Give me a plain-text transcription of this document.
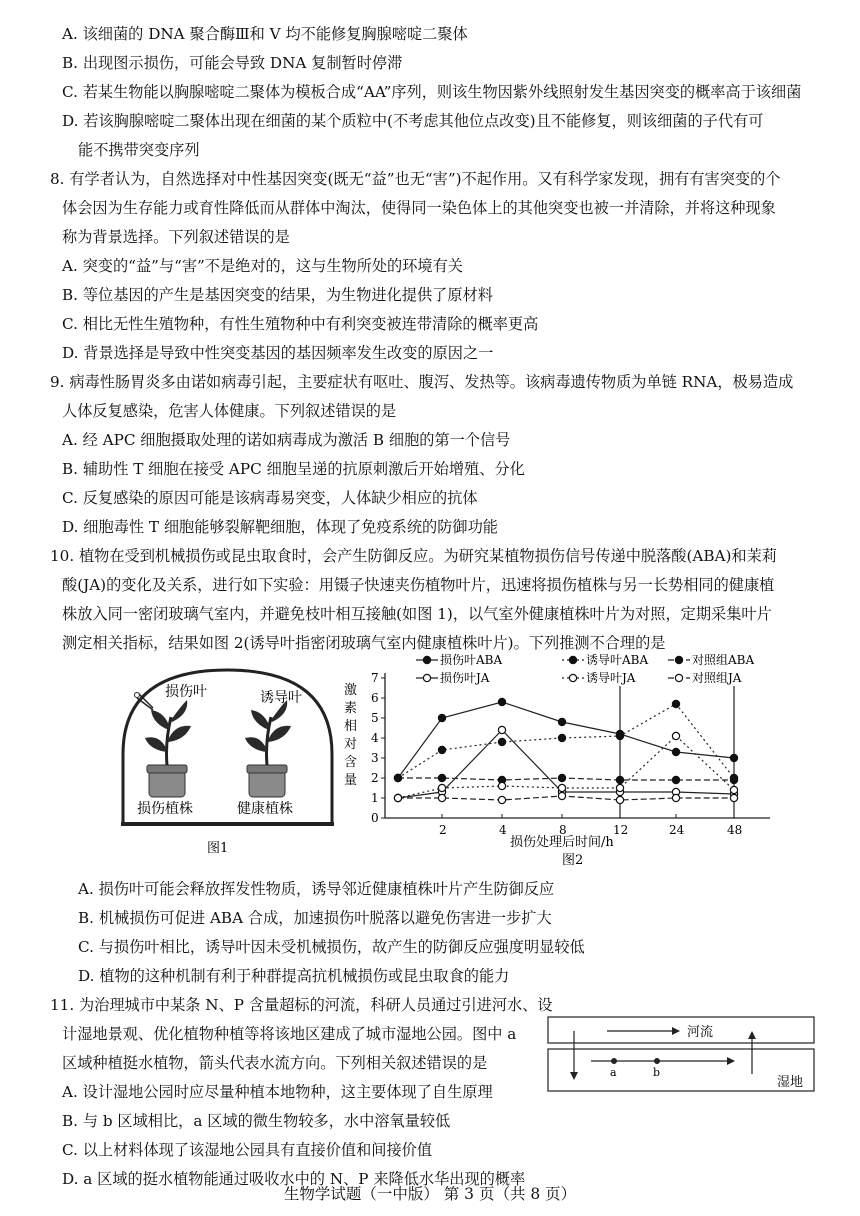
A. 该细菌的 DNA 聚合酶Ⅲ和 V 均不能修复胸腺嘧啶二聚体
B. 出现图示损伤，可能会导致 DNA 复制暂时停滞
C. 若某生物能以胸腺嘧啶二聚体为模板合成“AA”序列，则该生物因紫外线照射发生基因突变的概率高于该细菌
D. 若该胸腺嘧啶二聚体出现在细菌的某个质粒中(不考虑其他位点改变)且不能修复，则该细菌的子代有可
能不携带突变序列
8. 有学者认为，自然选择对中性基因突变(既无“益”也无“害”)不起作用。又有科学家发现，拥有有害突变的个
体会因为生存能力或育性降低而从群体中淘汰，使得同一染色体上的其他突变也被一并清除，并将这种现象
称为背景选择。下列叙述错误的是
A. 突变的“益”与“害”不是绝对的，这与生物所处的环境有关
B. 等位基因的产生是基因突变的结果，为生物进化提供了原材料
C. 相比无性生殖物种，有性生殖物种中有利突变被连带清除的概率更高
D. 背景选择是导致中性突变基因的基因频率发生改变的原因之一
9. 病毒性肠胃炎多由诺如病毒引起，主要症状有呕吐、腹泻、发热等。该病毒遗传物质为单链 RNA，极易造成
人体反复感染，危害人体健康。下列叙述错误的是
A. 经 APC 细胞摄取处理的诺如病毒成为激活 B 细胞的第一个信号
B. 辅助性 T 细胞在接受 APC 细胞呈递的抗原刺激后开始增殖、分化
C. 反复感染的原因可能是该病毒易突变，人体缺少相应的抗体
D. 细胞毒性 T 细胞能够裂解靶细胞，体现了免疫系统的防御功能
10. 植物在受到机械损伤或昆虫取食时，会产生防御反应。为研究某植物损伤信号传递中脱落酸(ABA)和茉莉
酸(JA)的变化及关系，进行如下实验：用镊子快速夹伤植物叶片，迅速将损伤植株与另一长势相同的健康植
株放入同一密闭玻璃气室内，并避免枝叶相互接触(如图 1)，以气室外健康植株叶片为对照，定期采集叶片
测定相关指标，结果如图 2(诱导叶指密闭玻璃气室内健康植株叶片)。下列推测不合理的是
A. 损伤叶可能会释放挥发性物质，诱导邻近健康植株叶片产生防御反应
B. 机械损伤可促进 ABA 合成，加速损伤叶脱落以避免伤害进一步扩大
C. 与损伤叶相比，诱导叶因未受机械损伤，故产生的防御反应强度明显较低
D. 植物的这种机制有利于种群提高抗机械损伤或昆虫取食的能力
11. 为治理城市中某条 N、P 含量超标的河流，科研人员通过引进河水、设
计湿地景观、优化植物种植等将该地区建成了城市湿地公园。图中 a
区域种植挺水植物，箭头代表水流方向。下列相关叙述错误的是
A. 设计湿地公园时应尽量种植本地物种，这主要体现了自生原理
B. 与 b 区域相比，a 区域的微生物较多，水中溶氧量较低
C. 以上材料体现了该湿地公园具有直接价值和间接价值
D. a 区域的挺水植物能通过吸收水中的 N、P 来降低水华出现的概率
损伤叶	诱导叶
损伤植株	健康植株
图1
0
1
2
3
4
5
6
7
2	4	8	12	24	48
损伤叶ABA	诱导叶ABA	对照组ABA
损伤叶JA	诱导叶JA	对照组JA
激素相对含量
损伤处理后时间/h
图2
a	b
河流
湿地
生物学试题（一中版） 第 3 页（共 8 页）
